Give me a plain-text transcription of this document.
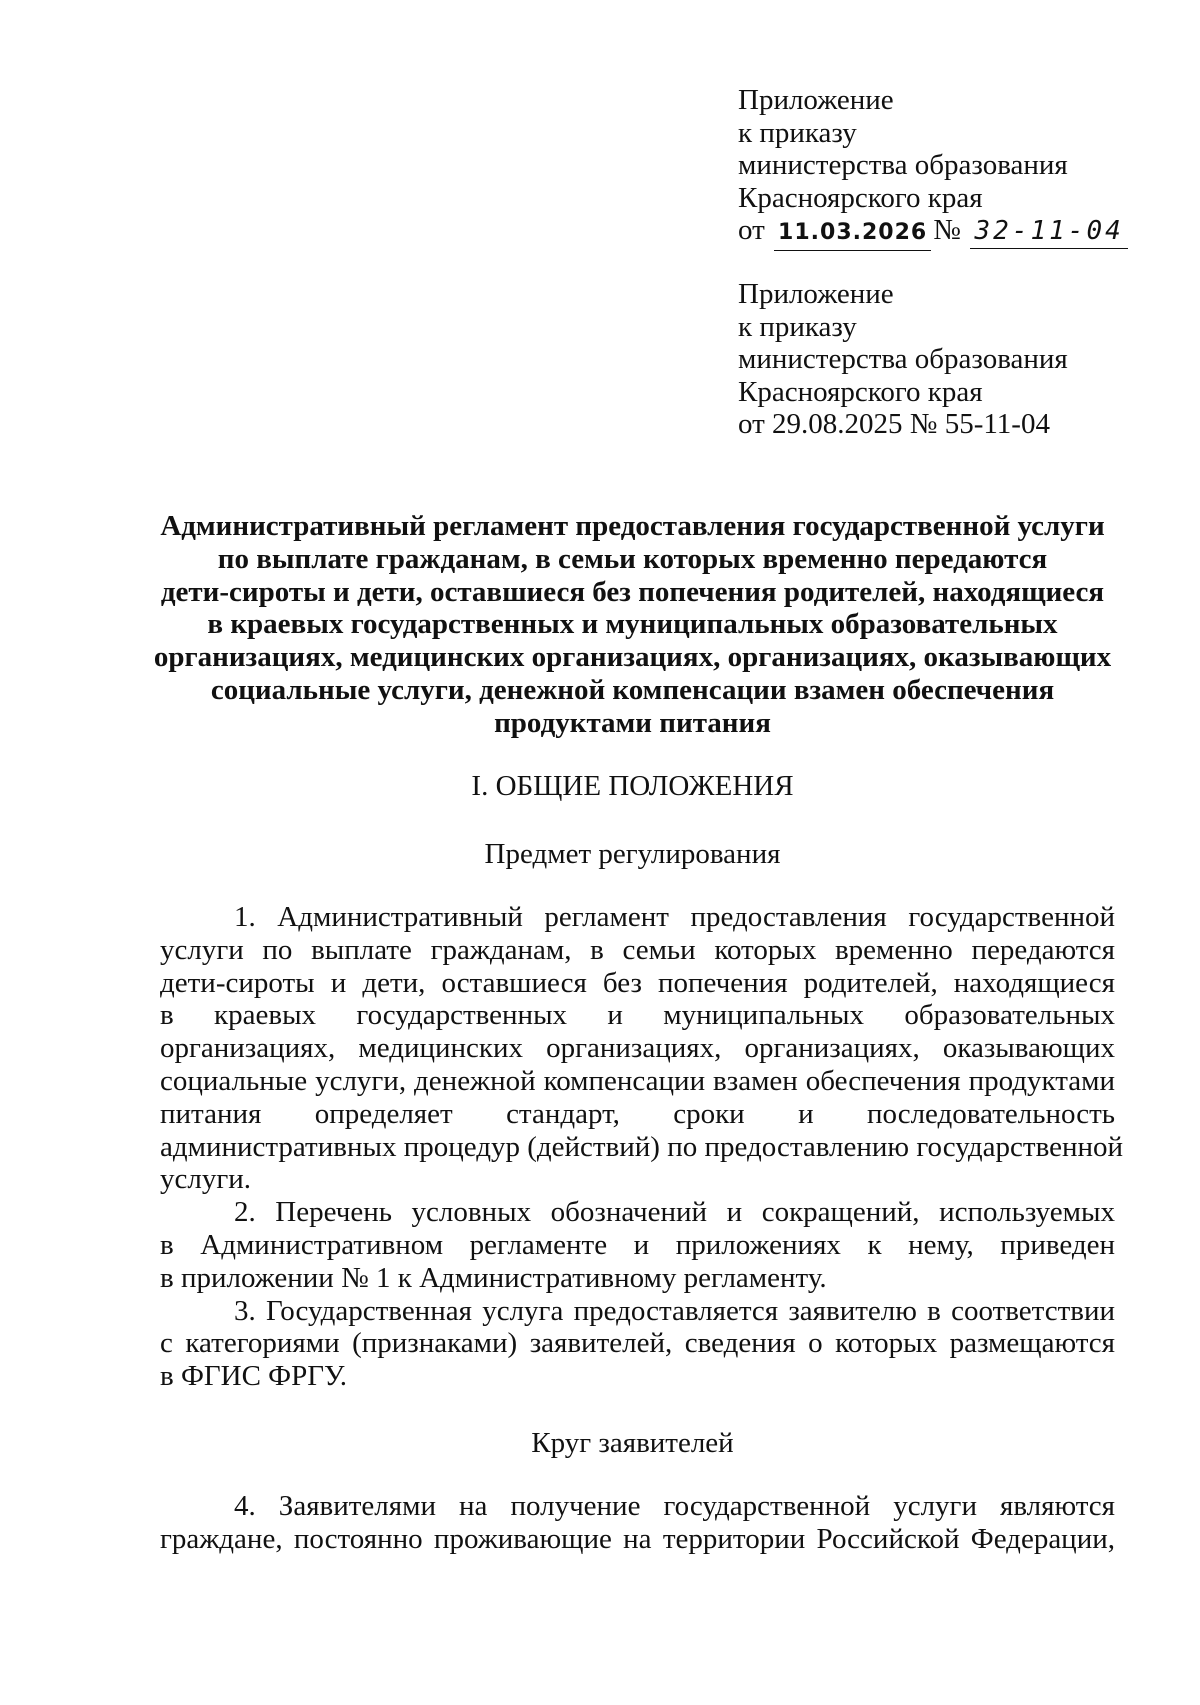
Приложение
к приказу
министерства образования
Красноярского края
от 11.03.2026 № 32-11-04
Приложение
к приказу
министерства образования
Красноярского края
от 29.08.2025 № 55-11-04
Административный регламент предоставления государственной услуги
по выплате гражданам, в семьи которых временно передаются
дети-сироты и дети, оставшиеся без попечения родителей, находящиеся
в краевых государственных и муниципальных образовательных
организациях, медицинских организациях, организациях, оказывающих
социальные услуги, денежной компенсации взамен обеспечения
продуктами питания
I. ОБЩИЕ ПОЛОЖЕНИЯ
Предмет регулирования
1. Административный регламент предоставления государственной
услуги по выплате гражданам, в семьи которых временно передаются
дети-сироты и дети, оставшиеся без попечения родителей, находящиеся
в краевых государственных и муниципальных образовательных
организациях, медицинских организациях, организациях, оказывающих
социальные услуги, денежной компенсации взамен обеспечения продуктами
питания определяет стандарт, сроки и последовательность
административных процедур (действий) по предоставлению государственной
услуги.
2. Перечень условных обозначений и сокращений, используемых
в Административном регламенте и приложениях к нему, приведен
в приложении № 1 к Административному регламенту.
3. Государственная услуга предоставляется заявителю в соответствии
с категориями (признаками) заявителей, сведения о которых размещаются
в ФГИС ФРГУ.
Круг заявителей
4. Заявителями на получение государственной услуги являются
граждане, постоянно проживающие на территории Российской Федерации,
